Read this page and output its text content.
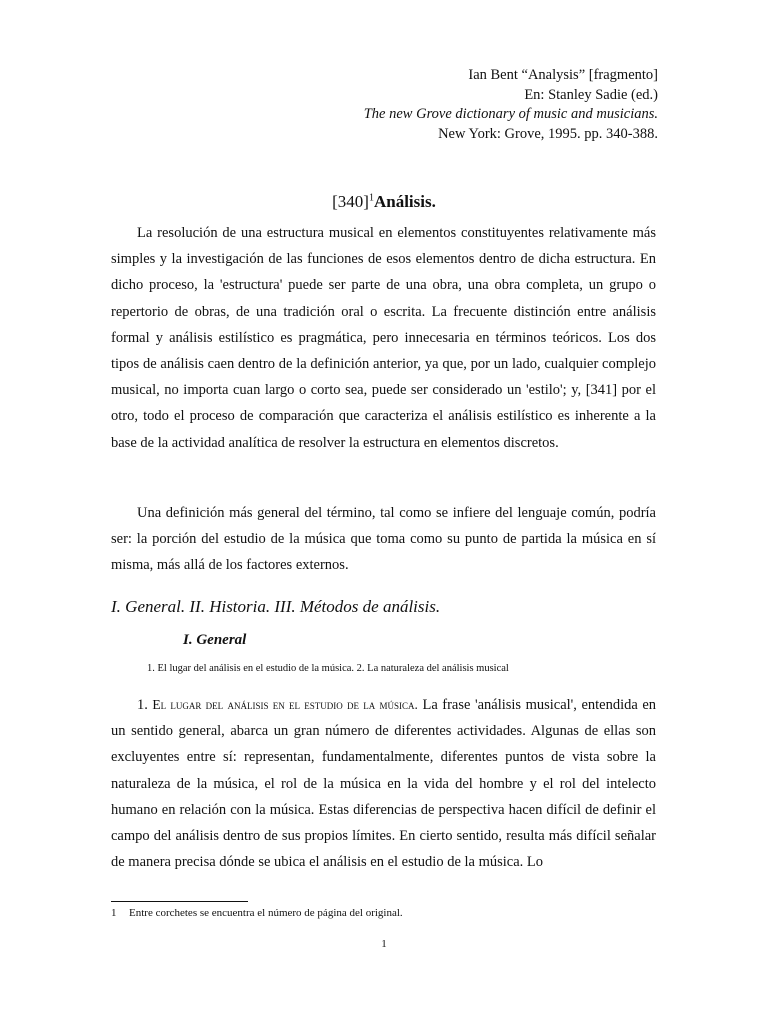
Ian Bent “Analysis” [fragmento]
En: Stanley Sadie (ed.)
The new Grove dictionary of music and musicians.
New York: Grove, 1995. pp. 340-388.
$[340]^1Análisis$.

La resolución de una estructura musical en elementos constituyentes relativamente más simples y la investigación de las funciones de esos elementos dentro de dicha estructura. En dicho proceso, la 'estructura' puede ser parte de una obra, una obra completa, un grupo o repertorio de obras, de una tradición oral o escrita. La frecuente distinción entre análisis formal y análisis estilístico es pragmática, pero innecesaria en términos teóricos. Los dos tipos de análisis caen dentro de la definición anterior, ya que, por un lado, cualquier complejo musical, no importa cuan largo o corto sea, puede ser considerado un 'estilo'; y, [341] por el otro, todo el proceso de comparación que caracteriza el análisis estilístico es inherente a la base de la actividad analítica de resolver la estructura en elementos discretos.

Una definición más general del término, tal como se infiere del lenguaje común, podría ser: la porción del estudio de la música que toma como su punto de partida la música en sí misma, más allá de los factores externos.

I. General. II. Historia. III. Métodos de análisis.
I. General
1. El lugar del análisis en el estudio de la música. 2. La naturaleza del análisis musical

1. El lugar del análisis en el estudio de la música. La frase 'análisis musical', entendida en un sentido general, abarca un gran número de diferentes actividades. Algunas de ellas son excluyentes entre sí: representan, fundamentalmente, diferentes puntos de vista sobre la naturaleza de la música, el rol de la música en la vida del hombre y el rol del intelecto humano en relación con la música. Estas diferencias de perspectiva hacen difícil de definir el campo del análisis dentro de sus propios límites. En cierto sentido, resulta más difícil señalar de manera precisa dónde se ubica el análisis en el estudio de la música. Lo

1 Entre corchetes se encuentra el número de página del original.
1
